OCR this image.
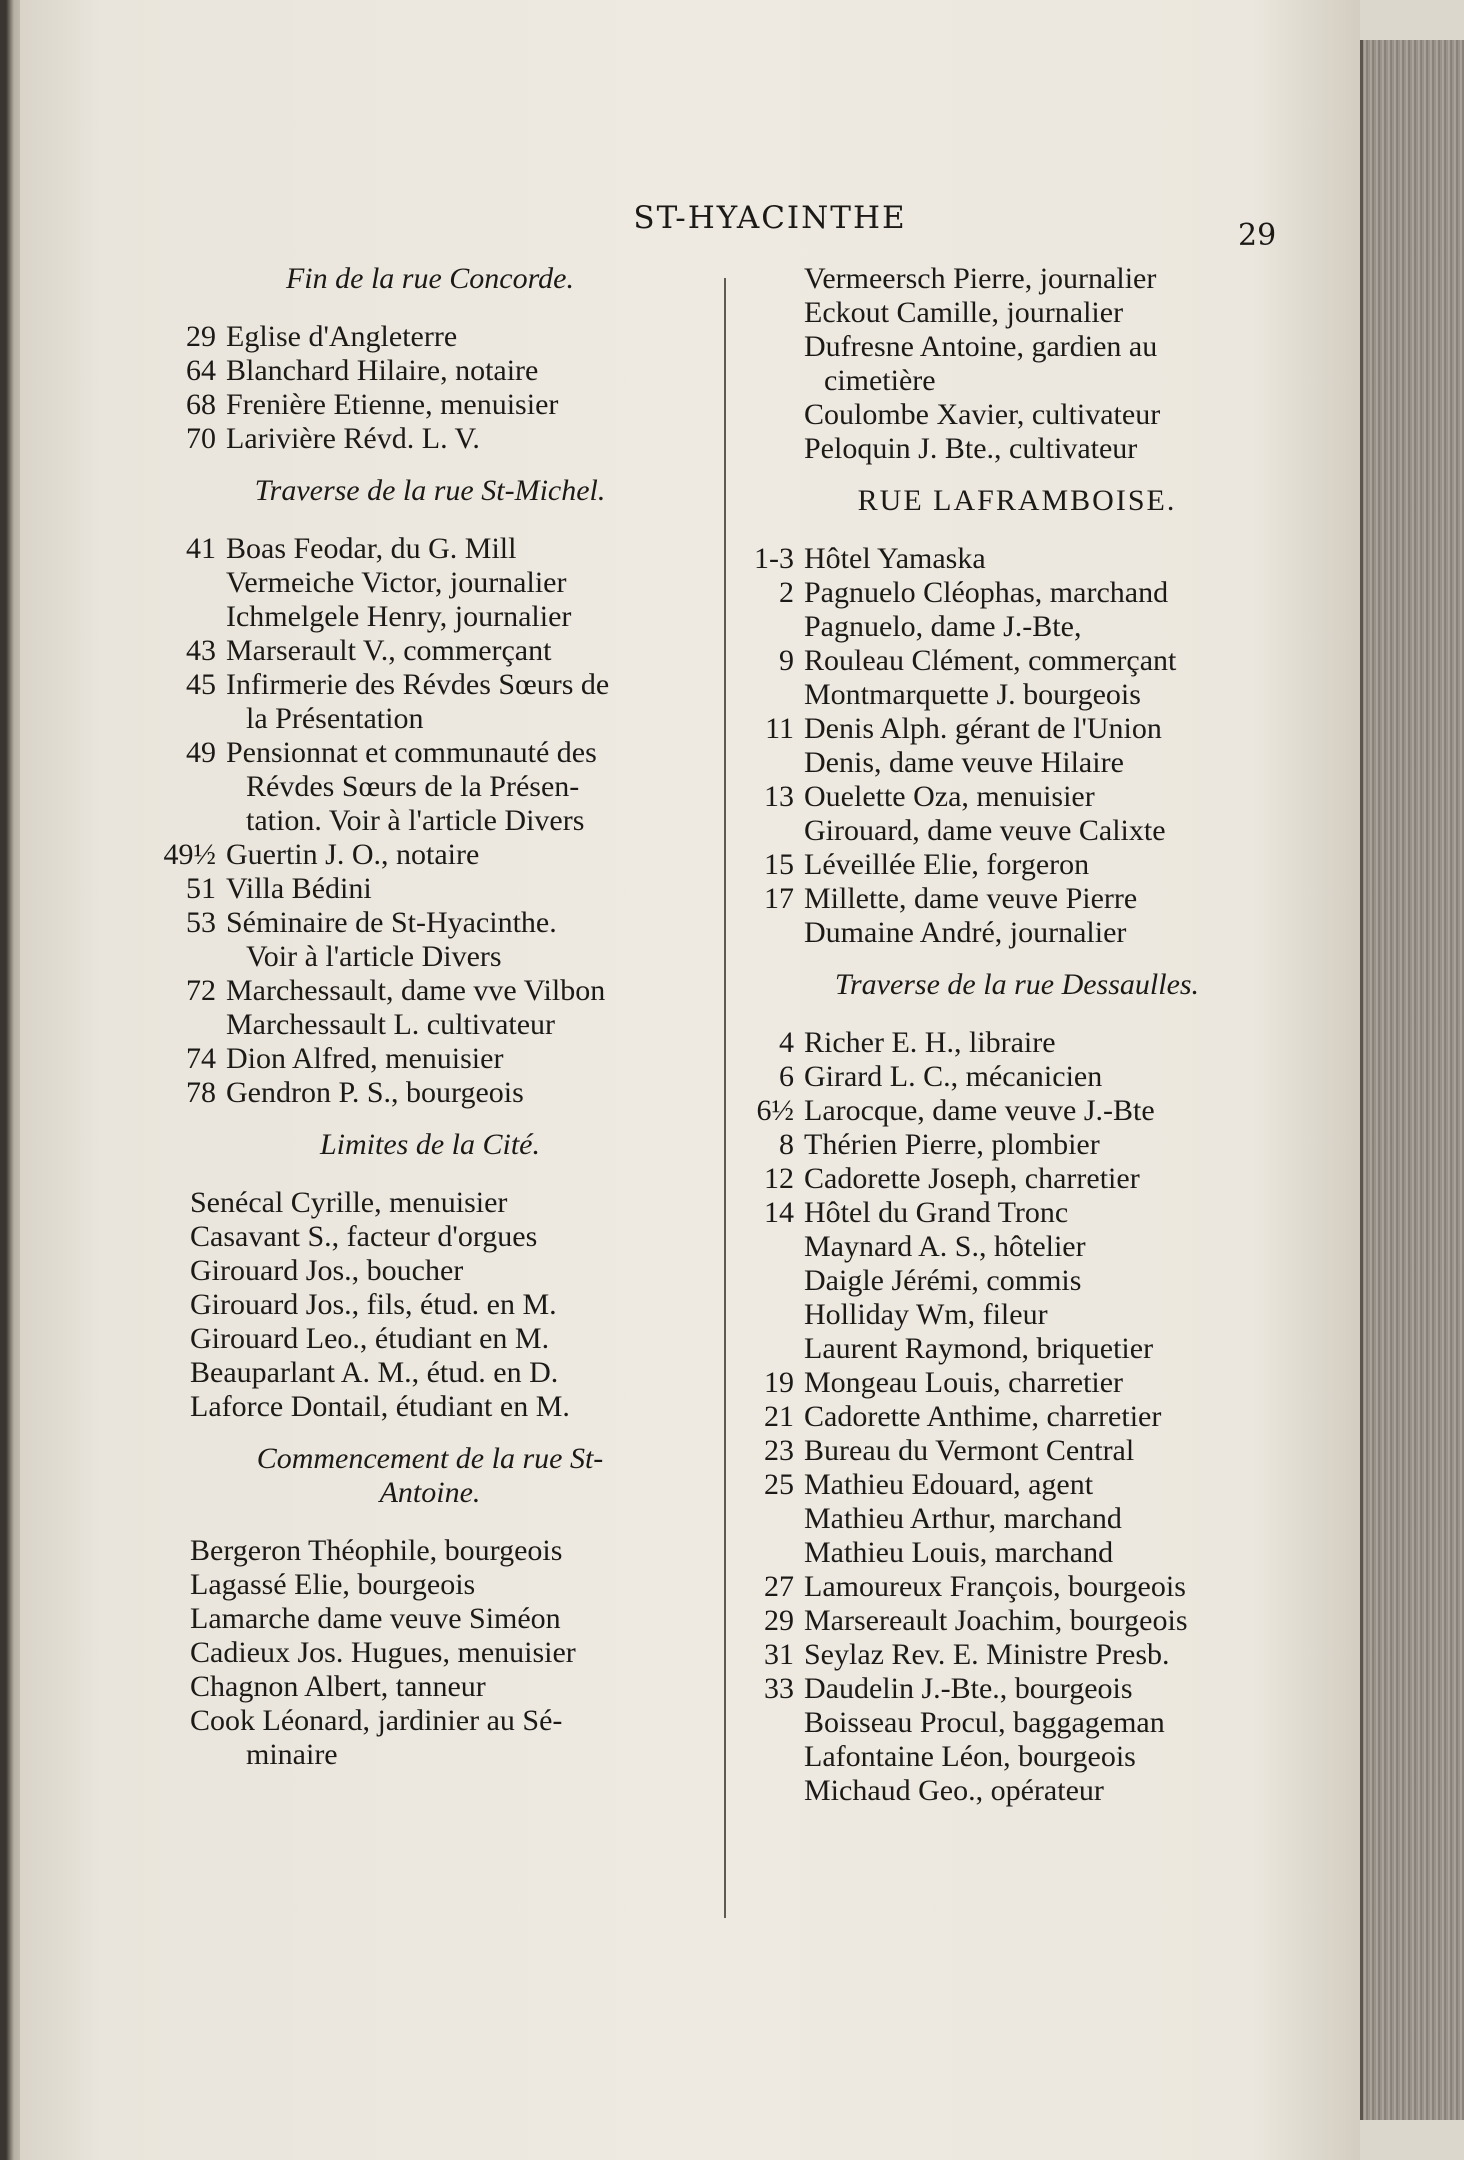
ST-HYACINTHE	29
Fin de la rue Concorde.
29 Eglise d'Angleterre
64 Blanchard Hilaire, notaire
68 Frenière Etienne, menuisier
70 Larivière Révd. L. V.
Traverse de la rue St-Michel.
41 Boas Feodar, du G. Mill
Vermeiche Victor, journalier
Ichmelgele Henry, journalier
43 Marserault V., commerçant
45 Infirmerie des Révdes Sœurs de
la Présentation
49 Pensionnat et communauté des
Révdes Sœurs de la Présen-
tation. Voir à l'article Divers
49½ Guertin J. O., notaire
51 Villa Bédini
53 Séminaire de St-Hyacinthe.
Voir à l'article Divers
72 Marchessault, dame vve Vilbon
Marchessault L. cultivateur
74 Dion Alfred, menuisier
78 Gendron P. S., bourgeois
Limites de la Cité.
Senécal Cyrille, menuisier
Casavant S., facteur d'orgues
Girouard Jos., boucher
Girouard Jos., fils, étud. en M.
Girouard Leo., étudiant en M.
Beauparlant A. M., étud. en D.
Laforce Dontail, étudiant en M.
Commencement de la rue St-
Antoine.
Bergeron Théophile, bourgeois
Lagassé Elie, bourgeois
Lamarche dame veuve Siméon
Cadieux Jos. Hugues, menuisier
Chagnon Albert, tanneur
Cook Léonard, jardinier au Sé-
minaire
Vermeersch Pierre, journalier
Eckout Camille, journalier
Dufresne Antoine, gardien au
cimetière
Coulombe Xavier, cultivateur
Peloquin J. Bte., cultivateur
RUE LAFRAMBOISE.
1-3 Hôtel Yamaska
2 Pagnuelo Cléophas, marchand
Pagnuelo, dame J.-Bte,
9 Rouleau Clément, commerçant
Montmarquette J. bourgeois
11 Denis Alph. gérant de l'Union
Denis, dame veuve Hilaire
13 Ouelette Oza, menuisier
Girouard, dame veuve Calixte
15 Léveillée Elie, forgeron
17 Millette, dame veuve Pierre
Dumaine André, journalier
Traverse de la rue Dessaulles.
4 Richer E. H., libraire
6 Girard L. C., mécanicien
6½ Larocque, dame veuve J.-Bte
8 Thérien Pierre, plombier
12 Cadorette Joseph, charretier
14 Hôtel du Grand Tronc
Maynard A. S., hôtelier
Daigle Jérémi, commis
Holliday Wm, fileur
Laurent Raymond, briquetier
19 Mongeau Louis, charretier
21 Cadorette Anthime, charretier
23 Bureau du Vermont Central
25 Mathieu Edouard, agent
Mathieu Arthur, marchand
Mathieu Louis, marchand
27 Lamoureux François, bourgeois
29 Marsereault Joachim, bourgeois
31 Seylaz Rev. E. Ministre Presb.
33 Daudelin J.-Bte., bourgeois
Boisseau Procul, baggageman
Lafontaine Léon, bourgeois
Michaud Geo., opérateur
